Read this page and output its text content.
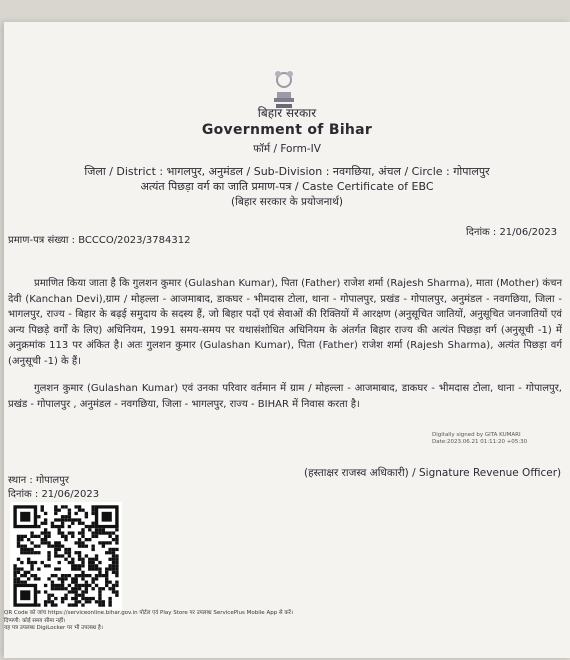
बिहार सरकार
Government of Bihar
फॉर्म / Form-IV
जिला / District : भागलपुर, अनुमंडल / Sub-Division : नवगछिया, अंचल / Circle : गोपालपुर
अत्यंत पिछड़ा वर्ग का जाति प्रमाण-पत्र / Caste Certificate of EBC
(बिहार सरकार के प्रयोजनार्थ)
दिनांक : 21/06/2023
प्रमाण-पत्र संख्या : BCCCO/2023/3784312

प्रमाणित किया जाता है कि गुलशन कुमार (Gulashan Kumar), पिता (Father) राजेश शर्मा (Rajesh Sharma), माता (Mother) कंचन देवी (Kanchan Devi),ग्राम / मोहल्ला - आजमाबाद, डाकघर - भीमदास टोला, थाना - गोपालपुर, प्रखंड - गोपालपुर, अनुमंडल - नवगछिया, जिला - भागलपुर, राज्य - बिहार के बढ़ई समुदाय के सदस्य हैं, जो बिहार पदों एवं सेवाओं की रिक्तियों में आरक्षण (अनुसूचित जातियों, अनुसूचित जनजातियों एवं अन्य पिछड़े वर्गों के लिए) अधिनियम, 1991 समय-समय पर यथासंशोधित अधिनियम के अंतर्गत बिहार राज्य की अत्यंत पिछड़ा वर्ग (अनुसूची -1) में अनुक्रमांक 113 पर अंकित है। अतः गुलशन कुमार (Gulashan Kumar), पिता (Father) राजेश शर्मा (Rajesh Sharma), अत्यंत पिछड़ा वर्ग (अनुसूची -1) के हैं।

गुलशन कुमार (Gulashan Kumar) एवं उनका परिवार वर्तमान में ग्राम / मोहल्ला - आजमाबाद, डाकघर - भीमदास टोला, थाना - गोपालपुर, प्रखंड - गोपालपुर , अनुमंडल - नवगछिया, जिला - भागलपुर, राज्य - BIHAR में निवास करता है।

Digitally signed by GITA KUMARI
Date:2023.06.21 01:11:20 +05:30
(हस्ताक्षर राजस्व अधिकारी) / Signature Revenue Officer)
स्थान : गोपालपुर
दिनांक : 21/06/2023
QR Code को जांच https://serviceonline.bihar.gov.in पोर्टल एवं Play Store पर उपलब्ध ServicePlus Mobile App से करें।
दिप्पणी: कोई समय सीमा नहीं।
यह पत्र उपलब्ध DigiLocker पर भी उपलब्ध है।
